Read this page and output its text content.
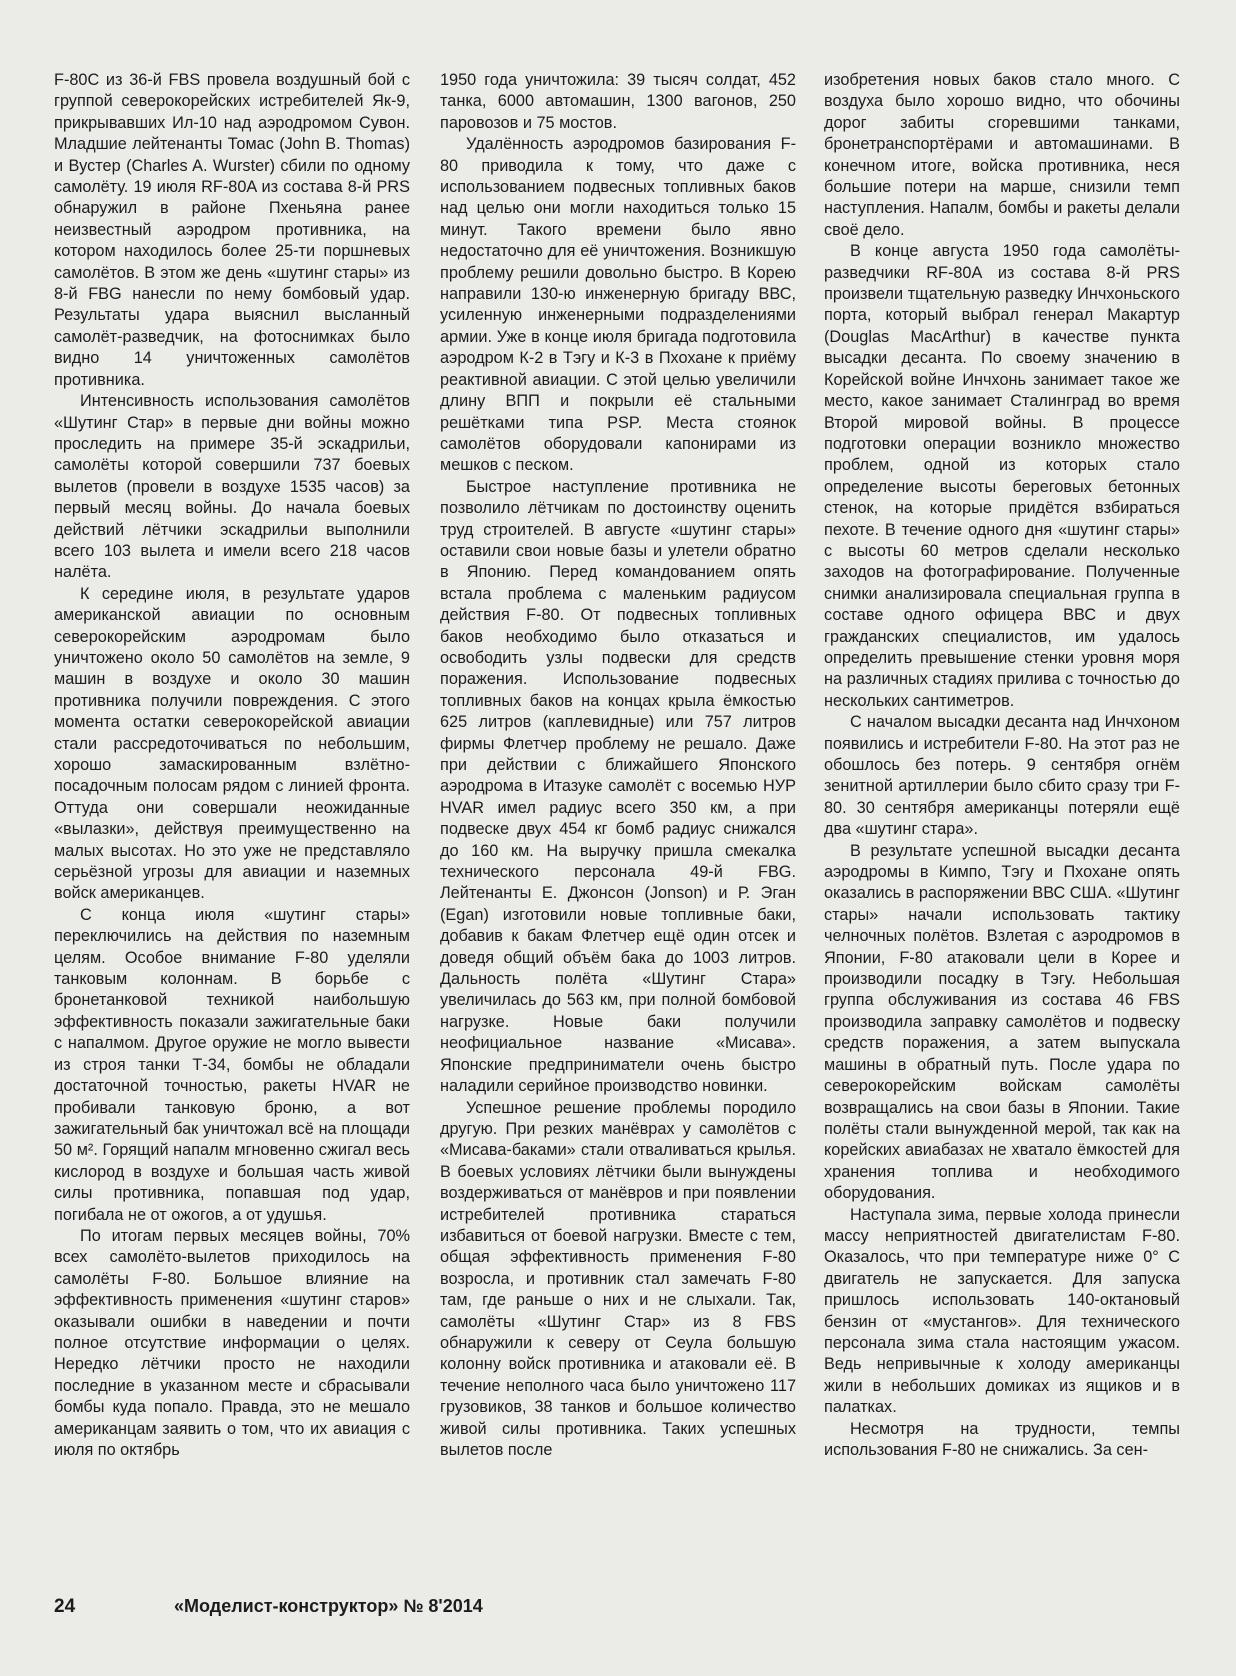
F-80C из 36-й FBS провела воздушный бой с группой северокорейских истребителей Як-9, прикрывавших Ил-10 над аэродромом Сувон. Младшие лейтенанты Томас (John B. Thomas) и Вустер (Charles A. Wurster) сбили по одному самолёту. 19 июля RF-80A из состава 8-й PRS обнаружил в районе Пхеньяна ранее неизвестный аэродром противника, на котором находилось более 25-ти поршневых самолётов. В этом же день «шутинг стары» из 8-й FBG нанесли по нему бомбовый удар. Результаты удара выяснил высланный самолёт-разведчик, на фотоснимках было видно 14 уничтоженных самолётов противника.

Интенсивность использования самолётов «Шутинг Стар» в первые дни войны можно проследить на примере 35-й эскадрильи, самолёты которой совершили 737 боевых вылетов (провели в воздухе 1535 часов) за первый месяц войны. До начала боевых действий лётчики эскадрильи выполнили всего 103 вылета и имели всего 218 часов налёта.

К середине июля, в результате ударов американской авиации по основным северокорейским аэродромам было уничтожено около 50 самолётов на земле, 9 машин в воздухе и около 30 машин противника получили повреждения. С этого момента остатки северокорейской авиации стали рассредоточиваться по небольшим, хорошо замаскированным взлётно-посадочным полосам рядом с линией фронта. Оттуда они совершали неожиданные «вылазки», действуя преимущественно на малых высотах. Но это уже не представляло серьёзной угрозы для авиации и наземных войск американцев.

С конца июля «шутинг стары» переключились на действия по наземным целям. Особое внимание F-80 уделяли танковым колоннам. В борьбе с бронетанковой техникой наибольшую эффективность показали зажигательные баки с напалмом. Другое оружие не могло вывести из строя танки Т-34, бомбы не обладали достаточной точностью, ракеты HVAR не пробивали танковую броню, а вот зажигательный бак уничтожал всё на площади 50 м². Горящий напалм мгновенно сжигал весь кислород в воздухе и большая часть живой силы противника, попавшая под удар, погибала не от ожогов, а от удушья.

По итогам первых месяцев войны, 70% всех самолёто-вылетов приходилось на самолёты F-80. Большое влияние на эффективность применения «шутинг старов» оказывали ошибки в наведении и почти полное отсутствие информации о целях. Нередко лётчики просто не находили последние в указанном месте и сбрасывали бомбы куда попало. Правда, это не мешало американцам заявить о том, что их авиация с июля по октябрь

1950 года уничтожила: 39 тысяч солдат, 452 танка, 6000 автомашин, 1300 вагонов, 250 паровозов и 75 мостов.

Удалённость аэродромов базирования F-80 приводила к тому, что даже с использованием подвесных топливных баков над целью они могли находиться только 15 минут. Такого времени было явно недостаточно для её уничтожения. Возникшую проблему решили довольно быстро. В Корею направили 130-ю инженерную бригаду ВВС, усиленную инженерными подразделениями армии. Уже в конце июля бригада подготовила аэродром К-2 в Тэгу и К-3 в Пхохане к приёму реактивной авиации. С этой целью увеличили длину ВПП и покрыли её стальными решётками типа PSP. Места стоянок самолётов оборудовали капонирами из мешков с песком.

Быстрое наступление противника не позволило лётчикам по достоинству оценить труд строителей. В августе «шутинг стары» оставили свои новые базы и улетели обратно в Японию. Перед командованием опять встала проблема с маленьким радиусом действия F-80. От подвесных топливных баков необходимо было отказаться и освободить узлы подвески для средств поражения. Использование подвесных топливных баков на концах крыла ёмкостью 625 литров (каплевидные) или 757 литров фирмы Флетчер проблему не решало. Даже при действии с ближайшего Японского аэродрома в Итазуке самолёт с восемью НУР HVAR имел радиус всего 350 км, а при подвеске двух 454 кг бомб радиус снижался до 160 км. На выручку пришла смекалка технического персонала 49-й FBG. Лейтенанты Е. Джонсон (Jonson) и Р. Эган (Egan) изготовили новые топливные баки, добавив к бакам Флетчер ещё один отсек и доведя общий объём бака до 1003 литров. Дальность полёта «Шутинг Стара» увеличилась до 563 км, при полной бомбовой нагрузке. Новые баки получили неофициальное название «Мисава». Японские предприниматели очень быстро наладили серийное производство новинки.

Успешное решение проблемы породило другую. При резких манёврах у самолётов с «Мисава-баками» стали отваливаться крылья. В боевых условиях лётчики были вынуждены воздерживаться от манёвров и при появлении истребителей противника стараться избавиться от боевой нагрузки. Вместе с тем, общая эффективность применения F-80 возросла, и противник стал замечать F-80 там, где раньше о них и не слыхали. Так, самолёты «Шутинг Стар» из 8 FBS обнаружили к северу от Сеула большую колонну войск противника и атаковали её. В течение неполного часа было уничтожено 117 грузовиков, 38 танков и большое количество живой силы противника. Таких успешных вылетов после

изобретения новых баков стало много. С воздуха было хорошо видно, что обочины дорог забиты сгоревшими танками, бронетранспортёрами и автомашинами. В конечном итоге, войска противника, неся большие потери на марше, снизили темп наступления. Напалм, бомбы и ракеты делали своё дело.

В конце августа 1950 года самолёты-разведчики RF-80A из состава 8-й PRS произвели тщательную разведку Инчхоньского порта, который выбрал генерал Макартур (Douglas MacArthur) в качестве пункта высадки десанта. По своему значению в Корейской войне Инчхонь занимает такое же место, какое занимает Сталинград во время Второй мировой войны. В процессе подготовки операции возникло множество проблем, одной из которых стало определение высоты береговых бетонных стенок, на которые придётся взбираться пехоте. В течение одного дня «шутинг стары» с высоты 60 метров сделали несколько заходов на фотографирование. Полученные снимки анализировала специальная группа в составе одного офицера ВВС и двух гражданских специалистов, им удалось определить превышение стенки уровня моря на различных стадиях прилива с точностью до нескольких сантиметров.

С началом высадки десанта над Инчхоном появились и истребители F-80. На этот раз не обошлось без потерь. 9 сентября огнём зенитной артиллерии было сбито сразу три F-80. 30 сентября американцы потеряли ещё два «шутинг стара».

В результате успешной высадки десанта аэродромы в Кимпо, Тэгу и Пхохане опять оказались в распоряжении ВВС США. «Шутинг стары» начали использовать тактику челночных полётов. Взлетая с аэродромов в Японии, F-80 атаковали цели в Корее и производили посадку в Тэгу. Небольшая группа обслуживания из состава 46 FBS производила заправку самолётов и подвеску средств поражения, а затем выпускала машины в обратный путь. После удара по северокорейским войскам самолёты возвращались на свои базы в Японии. Такие полёты стали вынужденной мерой, так как на корейских авиабазах не хватало ёмкостей для хранения топлива и необходимого оборудования.

Наступала зима, первые холода принесли массу неприятностей двигателистам F-80. Оказалось, что при температуре ниже 0° С двигатель не запускается. Для запуска пришлось использовать 140-октановый бензин от «мустангов». Для технического персонала зима стала настоящим ужасом. Ведь непривычные к холоду американцы жили в небольших домиках из ящиков и в палатках.

Несмотря на трудности, темпы использования F-80 не снижались. За сен-

24	«Моделист-конструктор» № 8'2014
